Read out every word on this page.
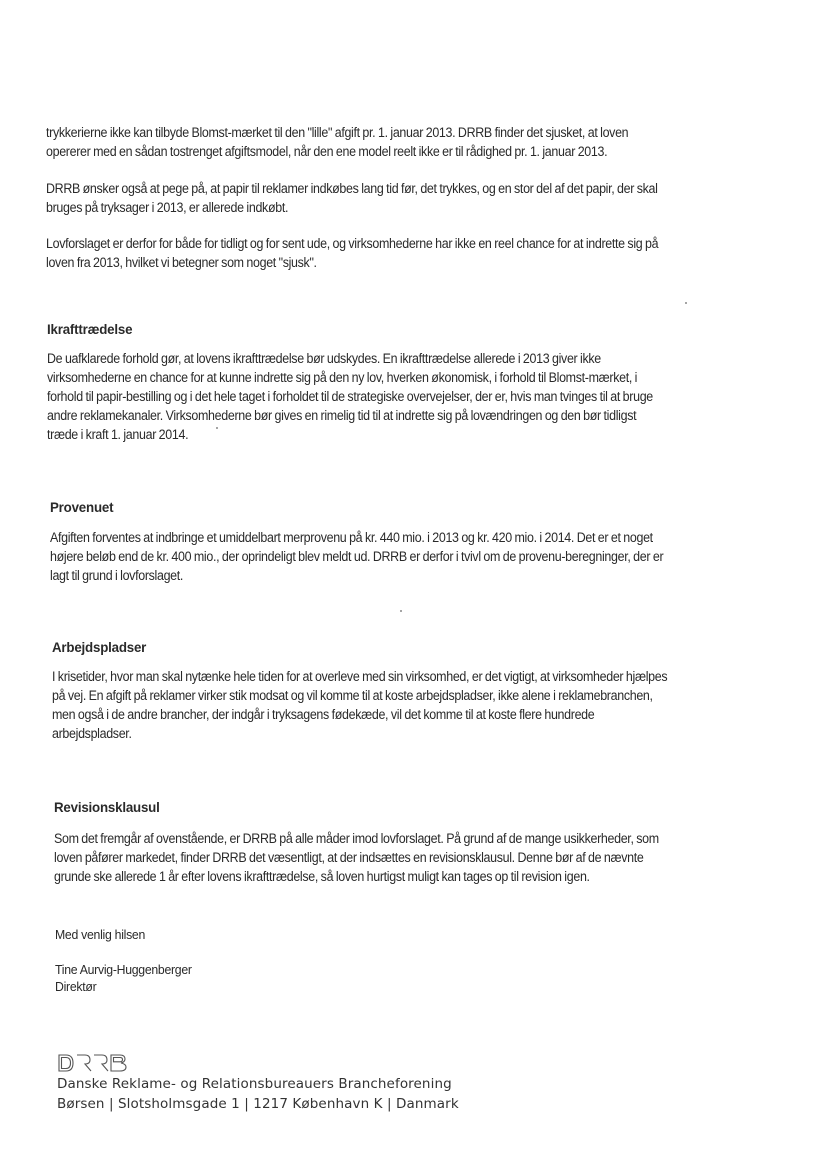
trykkerierne ikke kan tilbyde Blomst-mærket til den "lille" afgift pr. 1. januar 2013. DRRB finder det sjusket, at loven
opererer med en sådan tostrenget afgiftsmodel, når den ene model reelt ikke er til rådighed pr. 1. januar 2013.

DRRB ønsker også at pege på, at papir til reklamer indkøbes lang tid før, det trykkes, og en stor del af det papir, der skal
bruges på tryksager i 2013, er allerede indkøbt.

Lovforslaget er derfor for både for tidligt og for sent ude, og virksomhederne har ikke en reel chance for at indrette sig på
loven fra 2013, hvilket vi betegner som noget "sjusk".

Ikrafttrædelse

De uafklarede forhold gør, at lovens ikrafttrædelse bør udskydes. En ikrafttrædelse allerede i 2013 giver ikke
virksomhederne en chance for at kunne indrette sig på den ny lov, hverken økonomisk, i forhold til Blomst-mærket, i
forhold til papir-bestilling og i det hele taget i forholdet til de strategiske overvejelser, der er, hvis man tvinges til at bruge
andre reklamekanaler. Virksomhederne bør gives en rimelig tid til at indrette sig på lovændringen og den bør tidligst
træde i kraft 1. januar 2014.

Provenuet

Afgiften forventes at indbringe et umiddelbart merprovenu på kr. 440 mio. i 2013 og kr. 420 mio. i 2014. Det er et noget
højere beløb end de kr. 400 mio., der oprindeligt blev meldt ud. DRRB er derfor i tvivl om de provenu-beregninger, der er
lagt til grund i lovforslaget.

Arbejdspladser

I krisetider, hvor man skal nytænke hele tiden for at overleve med sin virksomhed, er det vigtigt, at virksomheder hjælpes
på vej. En afgift på reklamer virker stik modsat og vil komme til at koste arbejdspladser, ikke alene i reklamebranchen,
men også i de andre brancher, der indgår i tryksagens fødekæde, vil det komme til at koste flere hundrede
arbejdspladser.

Revisionsklausul

Som det fremgår af ovenstående, er DRRB på alle måder imod lovforslaget. På grund af de mange usikkerheder, som
loven påfører markedet, finder DRRB det væsentligt, at der indsættes en revisionsklausul. Denne bør af de nævnte
grunde ske allerede 1 år efter lovens ikrafttrædelse, så loven hurtigst muligt kan tages op til revision igen.

Med venlig hilsen
Tine Aurvig-Huggenberger
Direktør
Danske Reklame- og Relationsbureauers Brancheforening
Børsen | Slotsholmsgade 1 | 1217 København K | Danmark
